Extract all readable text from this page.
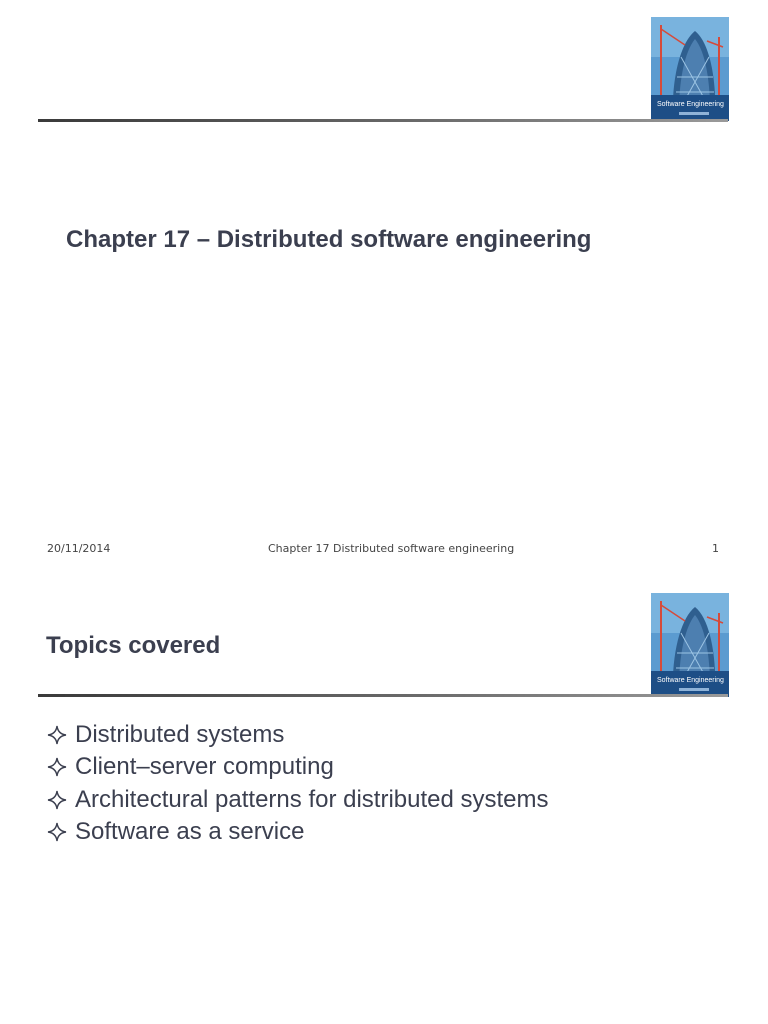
Software Engineering
Chapter 17 – Distributed software engineering
20/11/2014	Chapter 17 Distributed software engineering	1
Software Engineering
Topics covered
Distributed systems
Client–server computing
Architectural patterns for distributed systems
Software as a service
